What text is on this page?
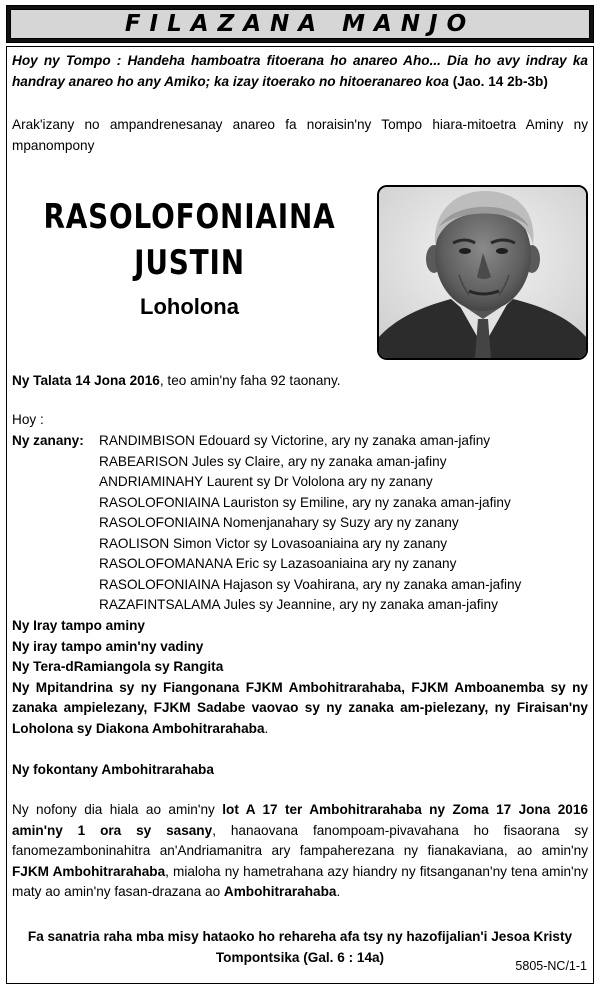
FILAZANA MANJO
Hoy ny Tompo : Handeha hamboatra fitoerana ho anareo Aho... Dia ho avy indray ka handray anareo ho any Amiko; ka izay itoerako no hitoeranareo koa (Jao. 14 2b-3b)
Arak'izany no ampandrenesanay anareo fa noraisin'ny Tompo hiara-mitoetra Aminy ny mpanompony
RASOLOFONIAINA
JUSTIN
Loholona
Ny Talata 14 Jona 2016, teo amin'ny faha 92 taonany.
Hoy :
Ny zanany: RANDIMBISON Edouard sy Victorine, ary ny zanaka aman-jafiny
RABEARISON Jules sy Claire, ary ny zanaka aman-jafiny
ANDRIAMINAHY Laurent sy Dr Vololona ary ny zanany
RASOLOFONIAINA Lauriston sy Emiline, ary ny zanaka aman-jafiny
RASOLOFONIAINA Nomenjanahary sy Suzy ary ny zanany
RAOLISON Simon Victor sy Lovasoaniaina ary ny zanany
RASOLOFOMANANA Eric sy Lazasoaniaina ary ny zanany
RASOLOFONIAINA Hajason sy Voahirana, ary ny zanaka aman-jafiny
RAZAFINTSALAMA Jules sy Jeannine, ary ny zanaka aman-jafiny
Ny Iray tampo aminy
Ny iray tampo amin'ny vadiny
Ny Tera-dRamiangola sy Rangita
Ny Mpitandrina sy ny Fiangonana FJKM Ambohitrarahaba, FJKM Amboanemba sy ny zanaka ampielezany, FJKM Sadabe vaovao sy ny zanaka am-pielezany, ny Firaisan'ny Loholona sy Diakona Ambohitrarahaba.
Ny fokontany Ambohitrarahaba
Ny nofony dia hiala ao amin'ny lot A 17 ter Ambohitrarahaba ny Zoma 17 Jona 2016 amin'ny 1 ora sy sasany, hanaovana fanompoam-pivavahana ho fisaorana sy fanomezamboninahitra an'Andriamanitra ary fampaherezana ny fianakaviana, ao amin'ny FJKM Ambohitrarahaba, mialoha ny hametrahana azy hiandry ny fitsanganan'ny tena amin'ny maty ao amin'ny fasan-drazana ao Ambohitrarahaba.
Fa sanatria raha mba misy hataoko ho rehareha afa tsy ny hazofijalian'i Jesoa Kristy
Tompontsika (Gal. 6 : 14a)
5805-NC/1-1
